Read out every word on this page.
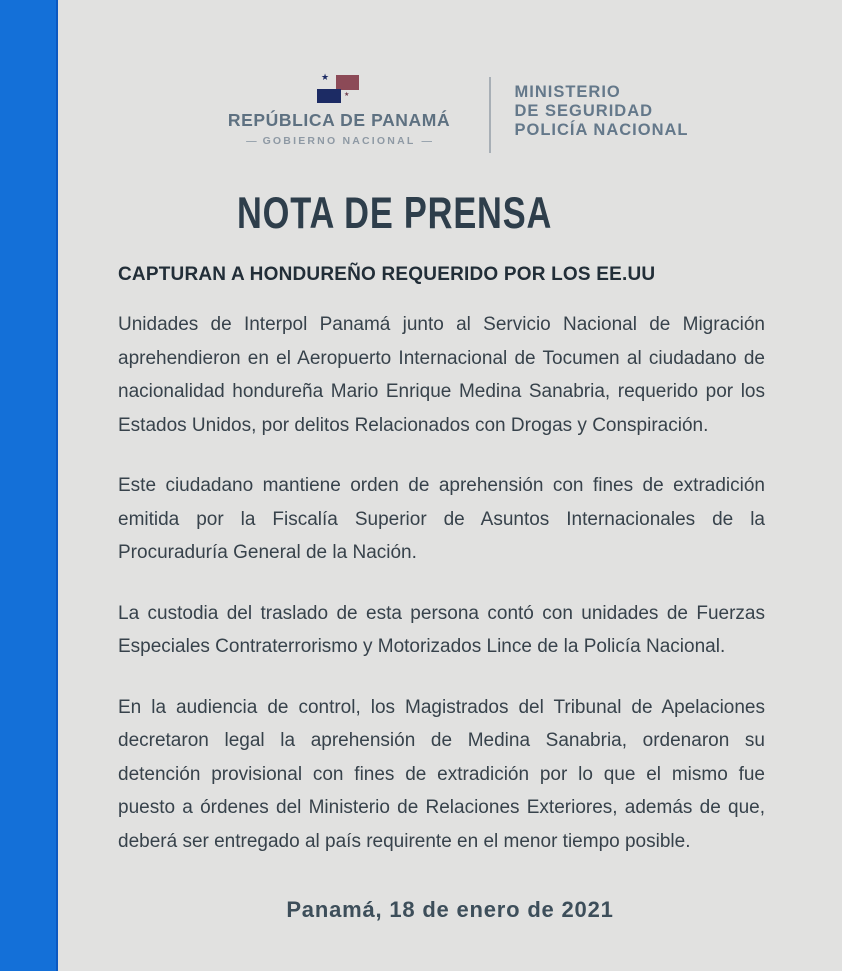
★
★
REPÚBLICA DE PANAMÁ
— GOBIERNO NACIONAL —
MINISTERIO
DE SEGURIDAD
POLICÍA NACIONAL
NOTA DE PRENSA
CAPTURAN A HONDUREÑO REQUERIDO POR LOS EE.UU

Unidades de Interpol Panamá junto al Servicio Nacional de Migración aprehendieron en el Aeropuerto Internacional de Tocumen al ciudadano de nacionalidad hondureña Mario Enrique Medina Sanabria, requerido por los Estados Unidos, por delitos Relacionados con Drogas y Conspiración.

Este ciudadano mantiene orden de aprehensión con fines de extradición emitida por la Fiscalía Superior de Asuntos Internacionales de la Procuraduría General de la Nación.

La custodia del traslado de esta persona contó con unidades de Fuerzas Especiales Contraterrorismo y Motorizados Lince de la Policía Nacional.

En la audiencia de control, los Magistrados del Tribunal de Apelaciones decretaron legal la aprehensión de Medina Sanabria, ordenaron su detención provisional con fines de extradición por lo que el mismo fue puesto a órdenes del Ministerio de Relaciones Exteriores, además de que, deberá ser entregado al país requirente en el menor tiempo posible.

Panamá, 18 de enero de 2021
